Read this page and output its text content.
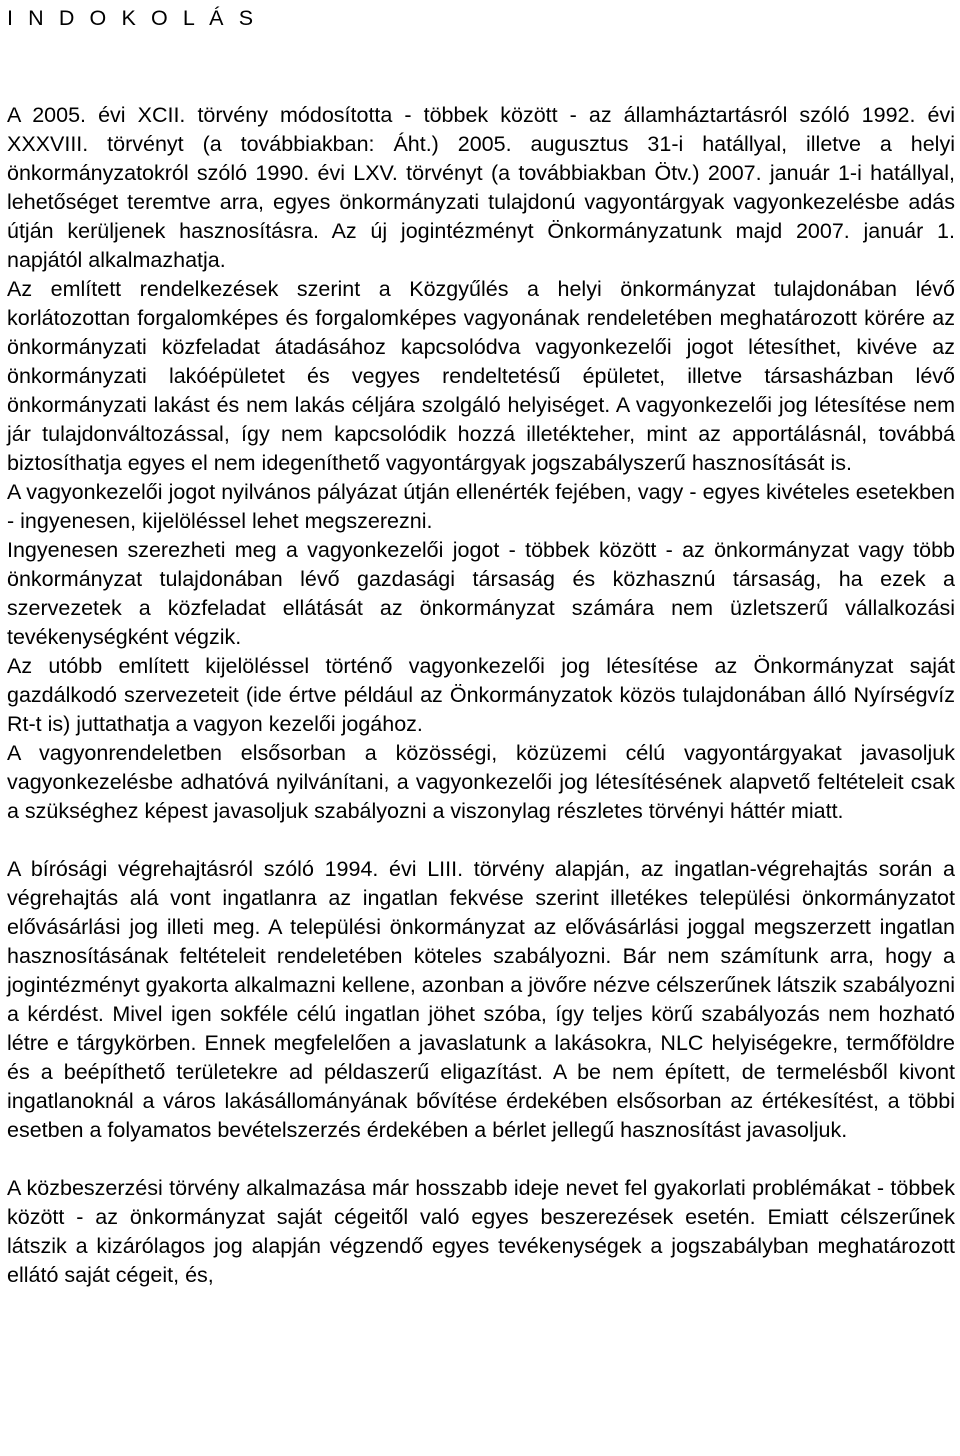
I N D O K O L Á S

A 2005. évi XCII. törvény módosította - többek között - az államháztartásról szóló 1992. évi XXXVIII. törvényt (a továbbiakban: Áht.) 2005. augusztus 31-i hatállyal, illetve a helyi önkormányzatokról szóló 1990. évi LXV. törvényt (a továbbiakban Ötv.) 2007. január 1-i hatállyal, lehetőséget teremtve arra, egyes önkormányzati tulajdonú vagyontárgyak vagyonkezelésbe adás útján kerüljenek hasznosításra. Az új jogintézményt Önkormányzatunk majd 2007. január 1. napjától alkalmazhatja.

Az említett rendelkezések szerint a Közgyűlés a helyi önkormányzat tulajdonában lévő korlátozottan forgalomképes és forgalomképes vagyonának rendeletében meghatározott körére az önkormányzati közfeladat átadásához kapcsolódva vagyonkezelői jogot létesíthet, kivéve az önkormányzati lakóépületet és vegyes rendeltetésű épületet, illetve társasházban lévő önkormányzati lakást és nem lakás céljára szolgáló helyiséget. A vagyonkezelői jog létesítése nem jár tulajdonváltozással, így nem kapcsolódik hozzá illetékteher, mint az apportálásnál, továbbá biztosíthatja egyes el nem idegeníthető vagyontárgyak jogszabályszerű hasznosítását is.

A vagyonkezelői jogot nyilvános pályázat útján ellenérték fejében, vagy - egyes kivételes esetekben - ingyenesen, kijelöléssel lehet megszerezni.

Ingyenesen szerezheti meg a vagyonkezelői jogot - többek között - az önkormányzat vagy több önkormányzat tulajdonában lévő gazdasági társaság és közhasznú társaság, ha ezek a szervezetek a közfeladat ellátását az önkormányzat számára nem üzletszerű vállalkozási tevékenységként végzik.

Az utóbb említett kijelöléssel történő vagyonkezelői jog létesítése az Önkormányzat saját gazdálkodó szervezeteit (ide értve például az Önkormányzatok közös tulajdonában álló Nyírségvíz Rt-t is) juttathatja a vagyon kezelői jogához.

A vagyonrendeletben elsősorban a közösségi, közüzemi célú vagyontárgyakat javasoljuk vagyonkezelésbe adhatóvá nyilvánítani, a vagyonkezelői jog létesítésének alapvető feltételeit csak a szükséghez képest javasoljuk szabályozni a viszonylag részletes törvényi háttér miatt.

A bírósági végrehajtásról szóló 1994. évi LIII. törvény alapján, az ingatlan-végrehajtás során a végrehajtás alá vont ingatlanra az ingatlan fekvése szerint illetékes települési önkormányzatot elővásárlási jog illeti meg. A települési önkormányzat az elővásárlási joggal megszerzett ingatlan hasznosításának feltételeit rendeletében köteles szabályozni. Bár nem számítunk arra, hogy a jogintézményt gyakorta alkalmazni kellene, azonban a jövőre nézve célszerűnek látszik szabályozni a kérdést. Mivel igen sokféle célú ingatlan jöhet szóba, így teljes körű szabályozás nem hozható létre e tárgykörben. Ennek megfelelően a javaslatunk a lakásokra, NLC helyiségekre, termőföldre és a beépíthető területekre ad példaszerű eligazítást. A be nem épített, de termelésből kivont ingatlanoknál a város lakásállományának bővítése érdekében elsősorban az értékesítést, a többi esetben a folyamatos bevételszerzés érdekében a bérlet jellegű hasznosítást javasoljuk.

A közbeszerzési törvény alkalmazása már hosszabb ideje nevet fel gyakorlati problémákat - többek között - az önkormányzat saját cégeitől való egyes beszerezések esetén. Emiatt célszerűnek látszik a kizárólagos jog alapján végzendő egyes tevékenységek a jogszabályban meghatározott ellátó saját cégeit, és,
